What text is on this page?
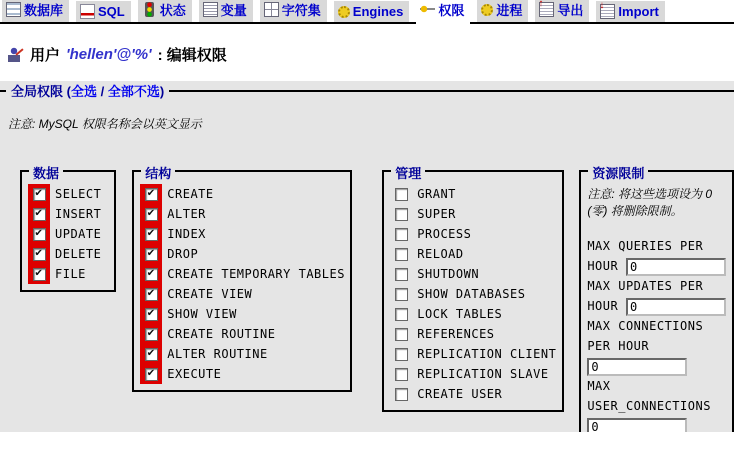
数据库	SQL	状态	变量	字符集 Engines	权限 进程 ↑	导出 ↓	Import
用户 'hellen'@'%' : 编辑权限
全局权限 (全选 / 全部不选)
注意: MySQL 权限名称会以英文显示
数据
✔
SELECT
✔
INSERT
✔
UPDATE
✔
DELETE
✔
FILE
结构
✔
CREATE
✔
ALTER
✔
INDEX
✔
DROP
✔
CREATE TEMPORARY TABLES
✔
CREATE VIEW
✔
SHOW VIEW
✔
CREATE ROUTINE
✔
ALTER ROUTINE
✔
EXECUTE
管理
GRANT
SUPER
PROCESS
RELOAD
SHUTDOWN
SHOW DATABASES
LOCK TABLES
REFERENCES
REPLICATION CLIENT
REPLICATION SLAVE
CREATE USER
资源限制
注意: 将这些选项设为 0 (零) 将删除限制。
MAX QUERIES PER HOUR 0
MAX UPDATES PER HOUR 0
MAX CONNECTIONS PER HOUR 0
MAX USER_CONNECTIONS 0
